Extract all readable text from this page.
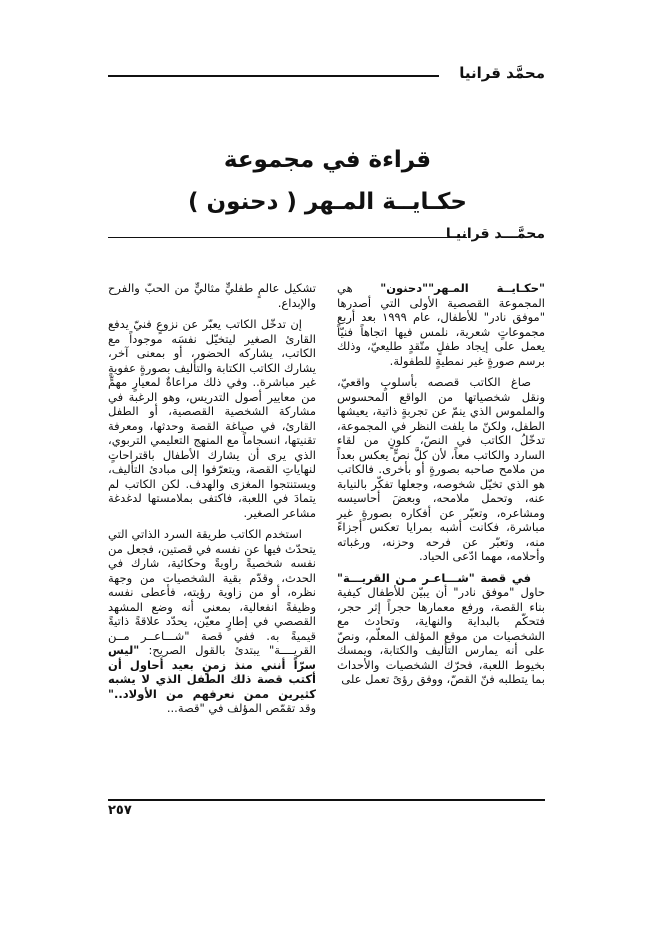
محمَّد قرانيا
قراءة في مجموعة
حكـايــة المـهر ( دحنون )
محمَّـــد قرانيـا

"حكـايــة المـهر""دحنون" هي المجموعة القصصية الأولى التي أصدرها "موفق نادر" للأطفال، عام ١٩٩٩ بعد أربع مجموعاتٍ شعرية، نلمس فيها اتجاهاً فنيّاً يعمل على إيجاد طفلٍ متّقدٍ طليعيّ، وذلك برسم صورةٍ غير نمطيةٍ للطفولة.

صاغ الكاتب قصصه بأسلوبٍ واقعيّ، ونقل شخصياتها من الواقع المحسوس والملموس الذي ينمّ عن تجربةٍ ذاتية، يعيشها الطفل، ولكنّ ما يلفت النظر في المجموعة، تدخّلُ الكاتب في النصّ، كلونٍ من لقاء السارد والكاتب معاً، لأن كلَّ نصٍّ يعكس بعداً من ملامح صاحبه بصورةٍ أو بأخرى. فالكاتب هو الذي تخيّل شخوصه، وجعلها تفكّر بالنيابة عنه، وتحمل ملامحه، وبعضَ أحاسيسه ومشاعره، وتعبّر عن أفكاره بصورةٍ غير مباشرة، فكانت أشبه بمرايا تعكس أجزاءً منه، وتعبّر عن فرحه وحزنه، ورغباته وأحلامه، مهما ادّعى الحياد.

في قصة "شـــاعـر مـن القريـــة" حاول "موفق نادر" أن يبيّن للأطفال كيفية بناء القصة، ورفع معمارها حجراً إثر حجر، فتحكّم بالبداية والنهاية، وتحادث مع الشخصيات من موقع المؤلف المعلّم، ونصّ على أنه يمارس التأليف والكتابة، ويمسك بخيوط اللعبة، فحرّك الشخصيات والأحداث بما يتطلبه فنّ القصّ، ووفق رؤىً تعمل على

تشكيل عالمٍ طفليٍّ مثاليٍّ من الحبّ والفرح والإبداع.

إن تدخّل الكاتب يعبّر عن نزوعٍ فنيّ يدفع القارئ الصغير ليتخيّل نفسَه موجوداً مع الكاتب، يشاركه الحضور، أو بمعنى آخر، يشارك الكاتب الكتابة والتأليف بصورةٍ عفويةٍ غير مباشرة.. وفي ذلك مراعاةٌ لمعيارٍ مهمٍّ من معايير أصول التدريس، وهو الرغبة في مشاركة الشخصية القصصية، أو الطفل القارئ، في صياغة القصة وحدثها، ومعرفة تقنيتها، انسجاماً مع المنهج التعليمي التربوي، الذي يرى أن يشارك الأطفال باقتراحاتٍ لنهاياتِ القصة، ويتعرّفوا إلى مبادئ التأليف، ويستنتجوا المغزى والهدف. لكن الكاتب لم يتمادَ في اللعبة، فاكتفى بملامستها لدغدغة مشاعر الصغير.

استخدم الكاتب طريقة السرد الذاتي التي يتحدّث فيها عن نفسه في قصتين، فجعل من نفسه شخصيةً راويةً وحكائية، شارك في الحدث، وقدّم بقية الشخصيات من وجهة نظره، أو من زاوية رؤيته، فأعطى نفسه وظيفةً انفعالية، بمعنى أنه وضع المشهد القصصي في إطارٍ معيّن، يحدّد علاقةً ذاتيةً قيميةً به. ففي قصة "شـــاعــر مــن القريــــة" يبتدئ بالقول الصريح: "ليس سرّاً أنني منذ زمنٍ بعيد أحاول أن أكتب قصة ذلك الطفل الذي لا يشبه كثيرين ممن نعرفهم من الأولاد.." وقد تقمّص المؤلف في "قصة...

٢٥٧
